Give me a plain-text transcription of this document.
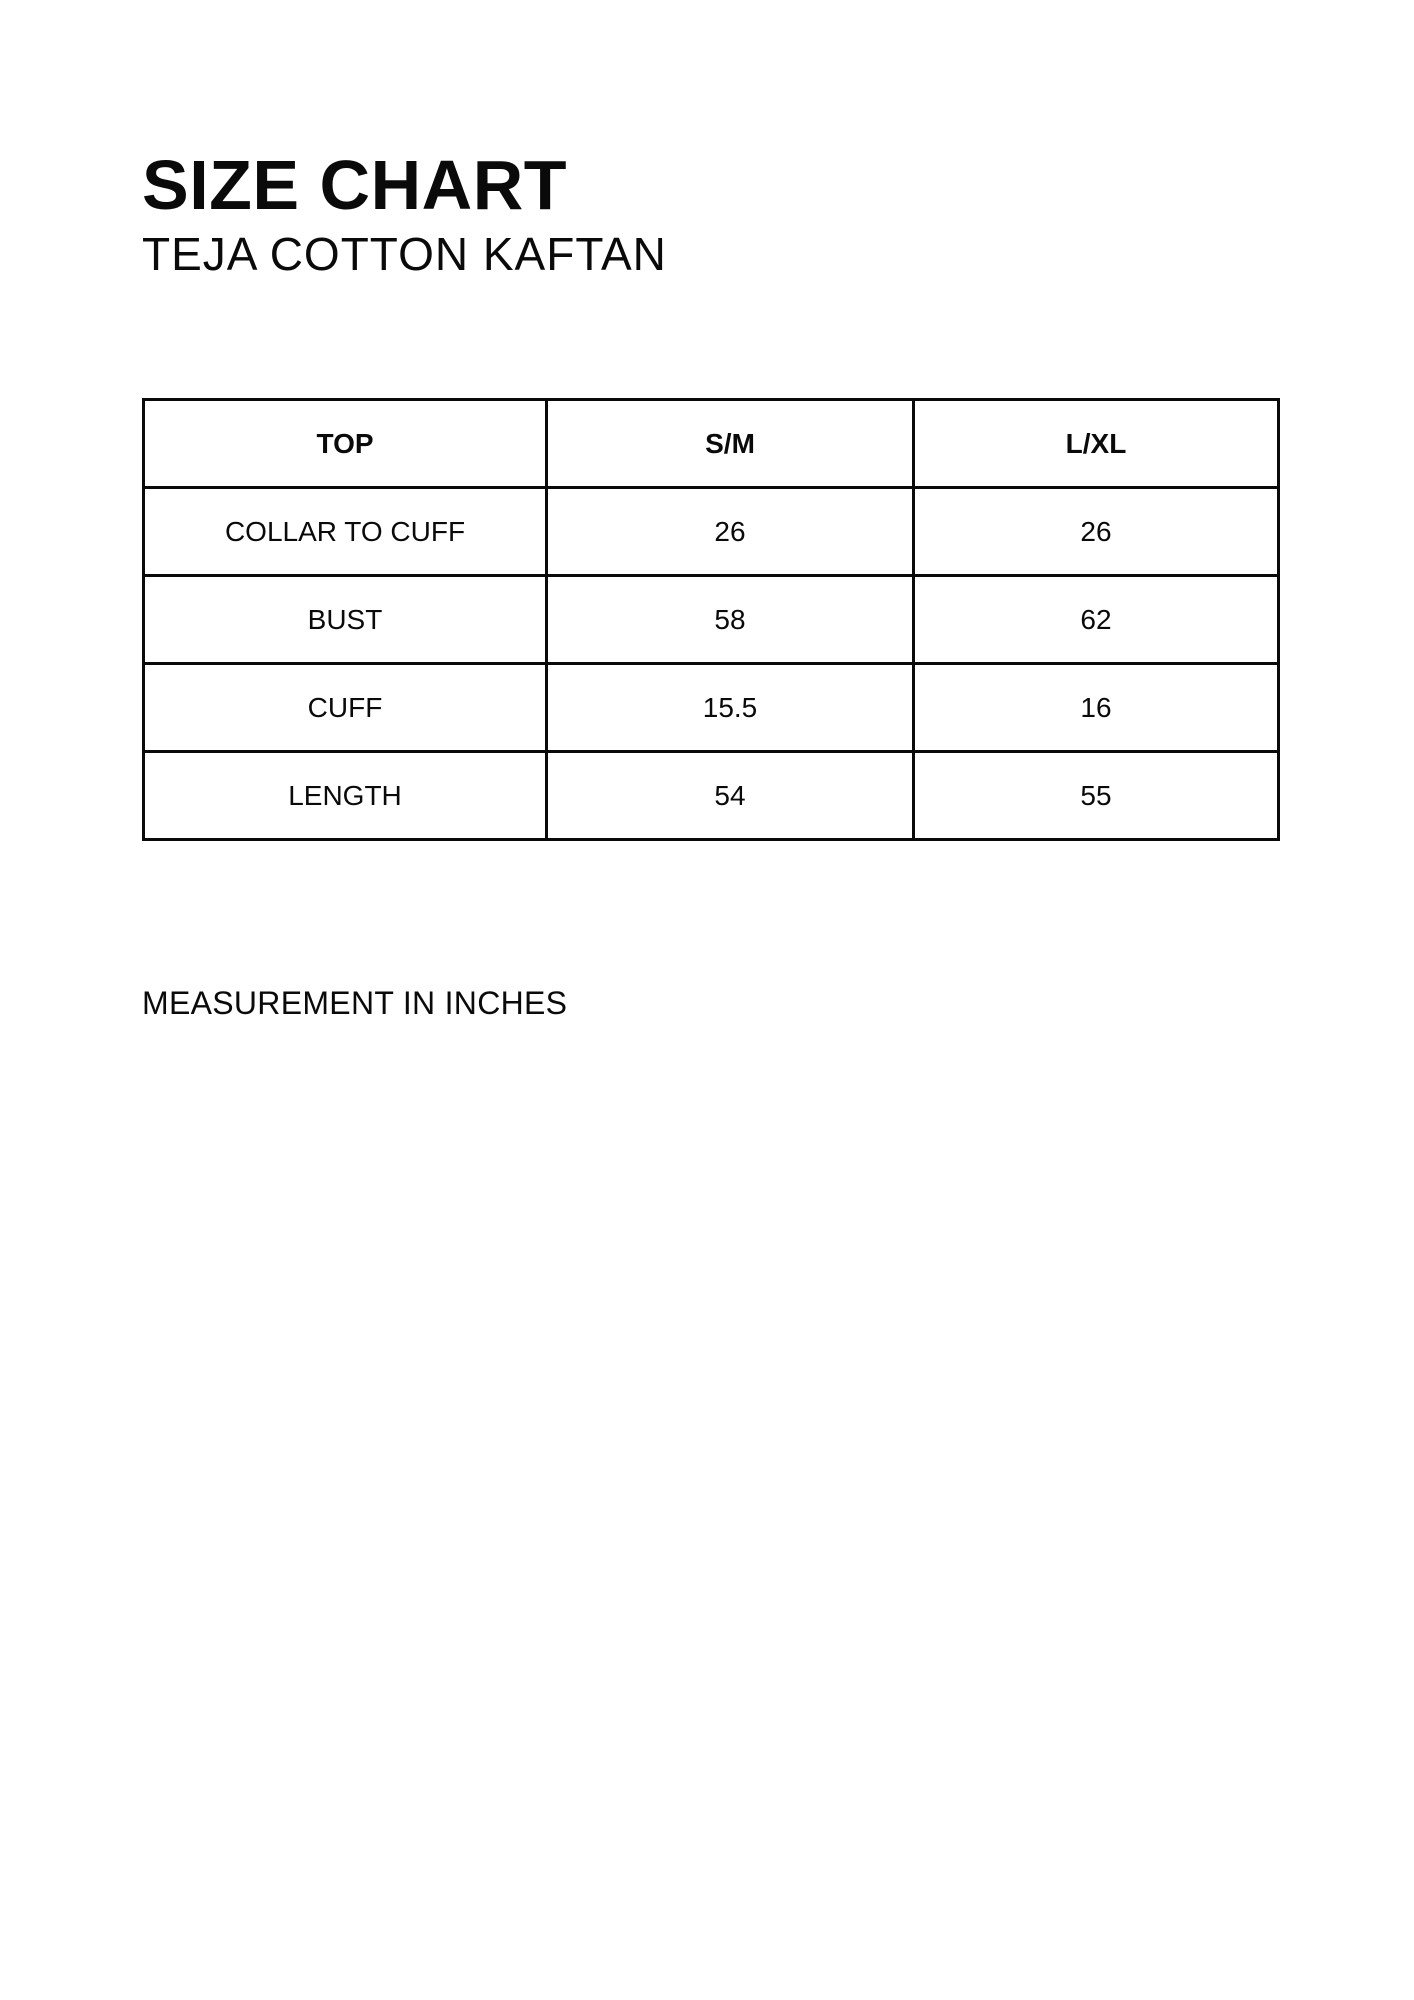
SIZE CHART
TEJA COTTON KAFTAN
TOP	S/M	L/XL
COLLAR TO CUFF	26	26
BUST	58	62
CUFF	15.5	16
LENGTH	54	55

MEASUREMENT IN INCHES
